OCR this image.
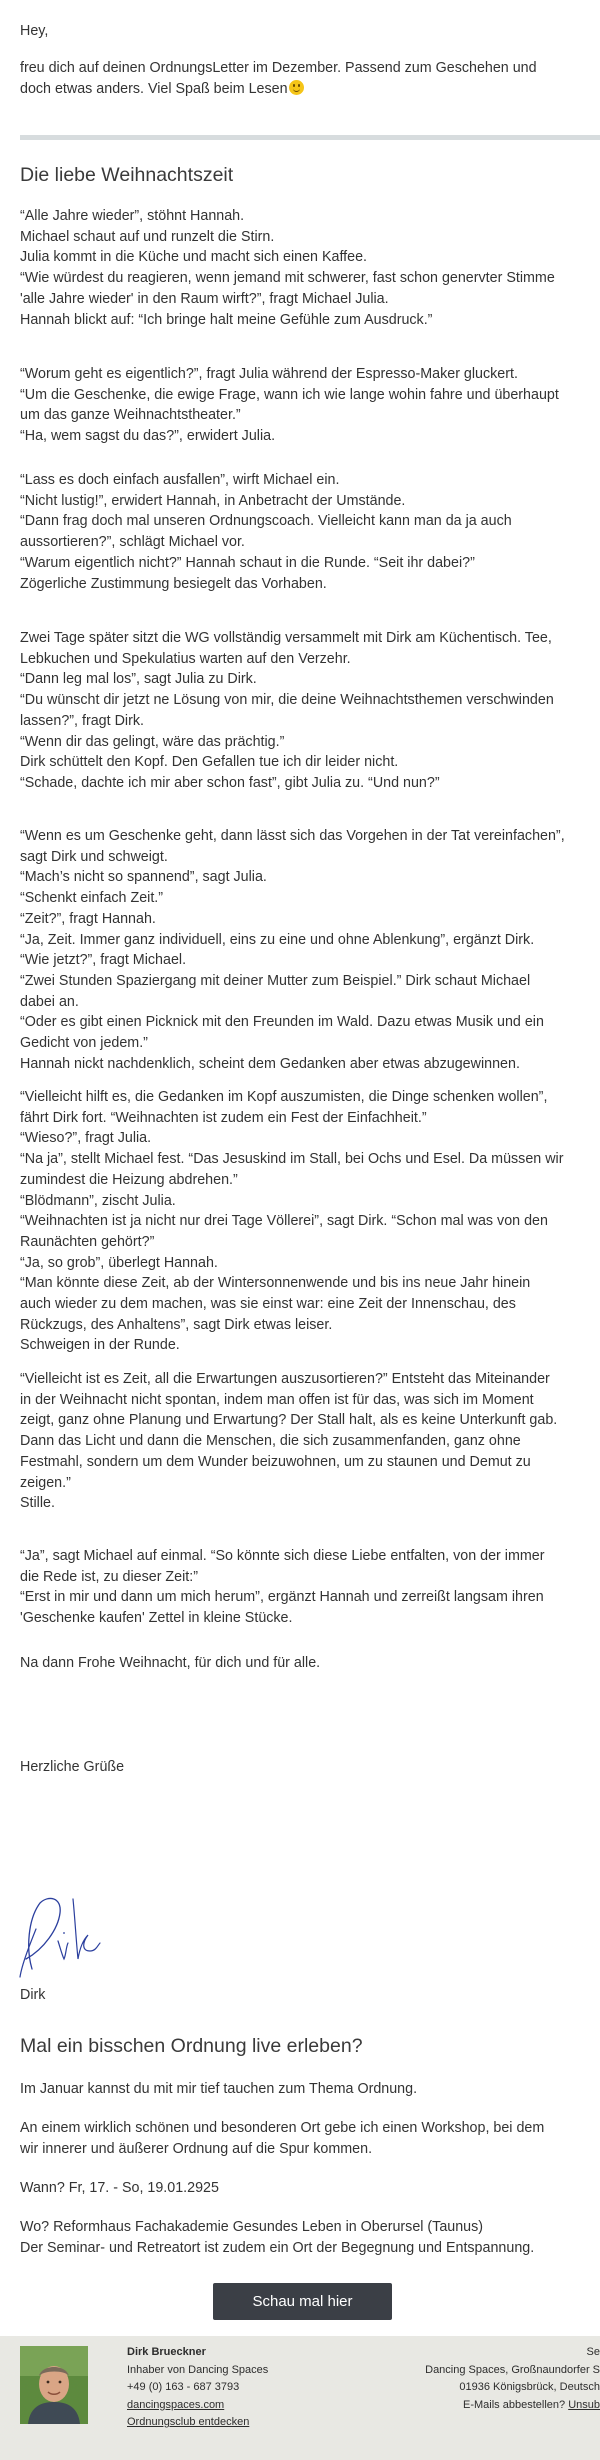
Hey,
freu dich auf deinen OrdnungsLetter im Dezember. Passend zum Geschehen und
doch etwas anders. Viel Spaß beim Lesen
Die liebe Weihnachtszeit
“Alle Jahre wieder”, stöhnt Hannah.
Michael schaut auf und runzelt die Stirn.
Julia kommt in die Küche und macht sich einen Kaffee.
“Wie würdest du reagieren, wenn jemand mit schwerer, fast schon genervter Stimme
'alle Jahre wieder' in den Raum wirft?”, fragt Michael Julia.
Hannah blickt auf: “Ich bringe halt meine Gefühle zum Ausdruck.”
“Worum geht es eigentlich?”, fragt Julia während der Espresso-Maker gluckert.
“Um die Geschenke, die ewige Frage, wann ich wie lange wohin fahre und überhaupt
um das ganze Weihnachtstheater.”
“Ha, wem sagst du das?”, erwidert Julia.
“Lass es doch einfach ausfallen”, wirft Michael ein.
“Nicht lustig!”, erwidert Hannah, in Anbetracht der Umstände.
“Dann frag doch mal unseren Ordnungscoach. Vielleicht kann man da ja auch
aussortieren?”, schlägt Michael vor.
“Warum eigentlich nicht?” Hannah schaut in die Runde. “Seit ihr dabei?”
Zögerliche Zustimmung besiegelt das Vorhaben.
Zwei Tage später sitzt die WG vollständig versammelt mit Dirk am Küchentisch. Tee,
Lebkuchen und Spekulatius warten auf den Verzehr.
“Dann leg mal los”, sagt Julia zu Dirk.
“Du wünscht dir jetzt ne Lösung von mir, die deine Weihnachtsthemen verschwinden
lassen?”, fragt Dirk.
“Wenn dir das gelingt, wäre das prächtig.”
Dirk schüttelt den Kopf. Den Gefallen tue ich dir leider nicht.
“Schade, dachte ich mir aber schon fast”, gibt Julia zu. “Und nun?”
“Wenn es um Geschenke geht, dann lässt sich das Vorgehen in der Tat vereinfachen”,
sagt Dirk und schweigt.
“Mach’s nicht so spannend”, sagt Julia.
“Schenkt einfach Zeit.”
“Zeit?”, fragt Hannah.
“Ja, Zeit. Immer ganz individuell, eins zu eine und ohne Ablenkung”, ergänzt Dirk.
“Wie jetzt?”, fragt Michael.
“Zwei Stunden Spaziergang mit deiner Mutter zum Beispiel.” Dirk schaut Michael
dabei an.
“Oder es gibt einen Picknick mit den Freunden im Wald. Dazu etwas Musik und ein
Gedicht von jedem.”
Hannah nickt nachdenklich, scheint dem Gedanken aber etwas abzugewinnen.
“Vielleicht hilft es, die Gedanken im Kopf auszumisten, die Dinge schenken wollen”,
fährt Dirk fort. “Weihnachten ist zudem ein Fest der Einfachheit.”
“Wieso?”, fragt Julia.
“Na ja”, stellt Michael fest. “Das Jesuskind im Stall, bei Ochs und Esel. Da müssen wir
zumindest die Heizung abdrehen.”
“Blödmann”, zischt Julia.
“Weihnachten ist ja nicht nur drei Tage Völlerei”, sagt Dirk. “Schon mal was von den
Raunächten gehört?”
“Ja, so grob”, überlegt Hannah.
“Man könnte diese Zeit, ab der Wintersonnenwende und bis ins neue Jahr hinein
auch wieder zu dem machen, was sie einst war: eine Zeit der Innenschau, des
Rückzugs, des Anhaltens”, sagt Dirk etwas leiser.
Schweigen in der Runde.
“Vielleicht ist es Zeit, all die Erwartungen auszusortieren?” Entsteht das Miteinander
in der Weihnacht nicht spontan, indem man offen ist für das, was sich im Moment
zeigt, ganz ohne Planung und Erwartung? Der Stall halt, als es keine Unterkunft gab.
Dann das Licht und dann die Menschen, die sich zusammenfanden, ganz ohne
Festmahl, sondern um dem Wunder beizuwohnen, um zu staunen und Demut zu
zeigen.”
Stille.
“Ja”, sagt Michael auf einmal. “So könnte sich diese Liebe entfalten, von der immer
die Rede ist, zu dieser Zeit:”
“Erst in mir und dann um mich herum”, ergänzt Hannah und zerreißt langsam ihren
'Geschenke kaufen' Zettel in kleine Stücke.
Na dann Frohe Weihnacht, für dich und für alle.
Herzliche Grüße
Dirk
Mal ein bisschen Ordnung live erleben?
Im Januar kannst du mit mir tief tauchen zum Thema Ordnung.
An einem wirklich schönen und besonderen Ort gebe ich einen Workshop, bei dem
wir innerer und äußerer Ordnung auf die Spur kommen.
Wann? Fr, 17. - So, 19.01.2925
Wo? Reformhaus Fachakademie Gesundes Leben in Oberursel (Taunus)
Der Seminar- und Retreatort ist zudem ein Ort der Begegnung und Entspannung.
Schau mal hier
Dirk Brueckner
Inhaber von Dancing Spaces
+49 (0) 163 - 687 3793
dancingspaces.com
Ordnungsclub entdecken
Se
Dancing Spaces, Großnaundorfer S
01936 Königsbrück, Deutsch
E-Mails abbestellen? Unsub
